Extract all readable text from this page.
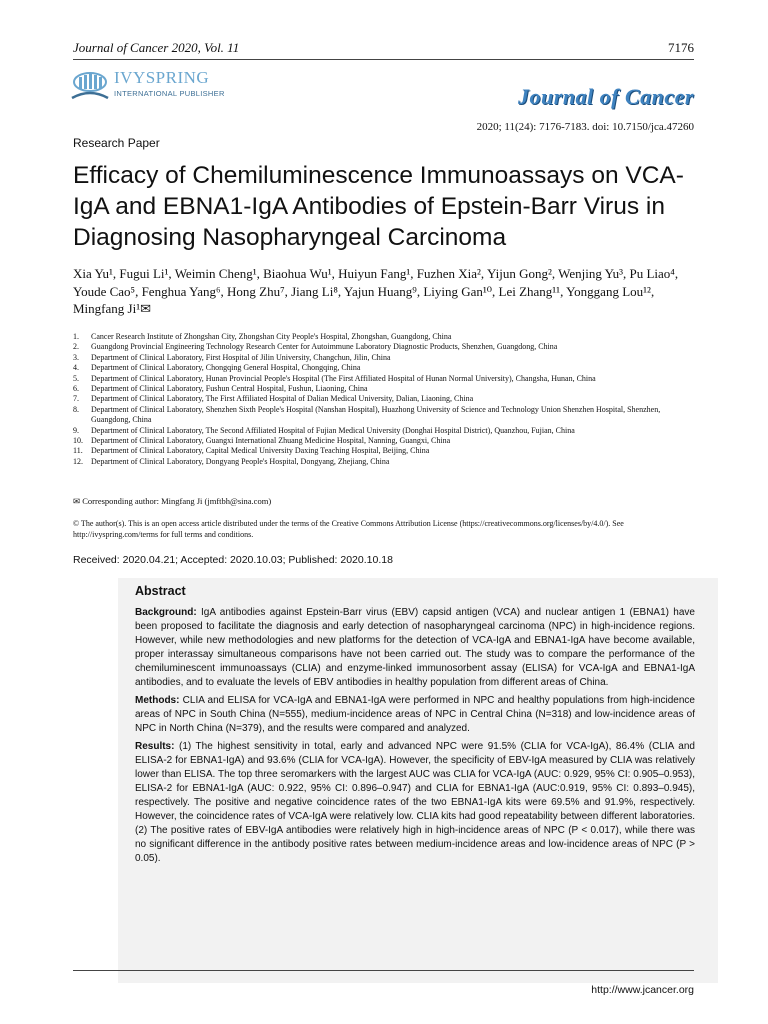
Journal of Cancer 2020, Vol. 11	7176
IVYSPRING
INTERNATIONAL PUBLISHER	Journal of Cancer
2020; 11(24): 7176-7183. doi: 10.7150/jca.47260
Research Paper
Efficacy of Chemiluminescence Immunoassays on VCA-IgA and EBNA1-IgA Antibodies of Epstein-Barr Virus in Diagnosing Nasopharyngeal Carcinoma
Xia Yu¹, Fugui Li¹, Weimin Cheng¹, Biaohua Wu¹, Huiyun Fang¹, Fuzhen Xia², Yijun Gong², Wenjing Yu³, Pu Liao⁴, Youde Cao⁵, Fenghua Yang⁶, Hong Zhu⁷, Jiang Li⁸, Yajun Huang⁹, Liying Gan¹⁰, Lei Zhang¹¹, Yonggang Lou¹², Mingfang Ji¹✉
1. Cancer Research Institute of Zhongshan City, Zhongshan City People's Hospital, Zhongshan, Guangdong, China
2. Guangdong Provincial Engineering Technology Research Center for Autoimmune Laboratory Diagnostic Products, Shenzhen, Guangdong, China
3. Department of Clinical Laboratory, First Hospital of Jilin University, Changchun, Jilin, China
4. Department of Clinical Laboratory, Chongqing General Hospital, Chongqing, China
5. Department of Clinical Laboratory, Hunan Provincial People's Hospital (The First Affiliated Hospital of Hunan Normal University), Changsha, Hunan, China
6. Department of Clinical Laboratory, Fushun Central Hospital, Fushun, Liaoning, China
7. Department of Clinical Laboratory, The First Affiliated Hospital of Dalian Medical University, Dalian, Liaoning, China
8. Department of Clinical Laboratory, Shenzhen Sixth People's Hospital (Nanshan Hospital), Huazhong University of Science and Technology Union Shenzhen Hospital, Shenzhen, Guangdong, China
9. Department of Clinical Laboratory, The Second Affiliated Hospital of Fujian Medical University (Donghai Hospital District), Quanzhou, Fujian, China
10. Department of Clinical Laboratory, Guangxi International Zhuang Medicine Hospital, Nanning, Guangxi, China
11. Department of Clinical Laboratory, Capital Medical University Daxing Teaching Hospital, Beijing, China
12. Department of Clinical Laboratory, Dongyang People's Hospital, Dongyang, Zhejiang, China
✉ Corresponding author: Mingfang Ji (jmftbh@sina.com)
© The author(s). This is an open access article distributed under the terms of the Creative Commons Attribution License (https://creativecommons.org/licenses/by/4.0/). See http://ivyspring.com/terms for full terms and conditions.
Received: 2020.04.21; Accepted: 2020.10.03; Published: 2020.10.18
Abstract

Background: IgA antibodies against Epstein-Barr virus (EBV) capsid antigen (VCA) and nuclear antigen 1 (EBNA1) have been proposed to facilitate the diagnosis and early detection of nasopharyngeal carcinoma (NPC) in high-incidence regions. However, while new methodologies and new platforms for the detection of VCA-IgA and EBNA1-IgA have become available, proper interassay simultaneous comparisons have not been carried out. The study was to compare the performance of the chemiluminescent immunoassays (CLIA) and enzyme-linked immunosorbent assay (ELISA) for VCA-IgA and EBNA1-IgA antibodies, and to evaluate the levels of EBV antibodies in healthy population from different areas of China.

Methods: CLIA and ELISA for VCA-IgA and EBNA1-IgA were performed in NPC and healthy populations from high-incidence areas of NPC in South China (N=555), medium-incidence areas of NPC in Central China (N=318) and low-incidence areas of NPC in North China (N=379), and the results were compared and analyzed.

Results: (1) The highest sensitivity in total, early and advanced NPC were 91.5% (CLIA for VCA-IgA), 86.4% (CLIA and ELISA-2 for EBNA1-IgA) and 93.6% (CLIA for VCA-IgA). However, the specificity of EBV-IgA measured by CLIA was relatively lower than ELISA. The top three seromarkers with the largest AUC was CLIA for VCA-IgA (AUC: 0.929, 95% CI: 0.905–0.953), ELISA-2 for EBNA1-IgA (AUC: 0.922, 95% CI: 0.896–0.947) and CLIA for EBNA1-IgA (AUC:0.919, 95% CI: 0.893–0.945), respectively. The positive and negative coincidence rates of the two EBNA1-IgA kits were 69.5% and 91.9%, respectively. However, the coincidence rates of VCA-IgA were relatively low. CLIA kits had good repeatability between different laboratories. (2) The positive rates of EBV-IgA antibodies were relatively high in high-incidence areas of NPC (P < 0.017), while there was no significant difference in the antibody positive rates between medium-incidence areas and low-incidence areas of NPC (P > 0.05).

http://www.jcancer.org
